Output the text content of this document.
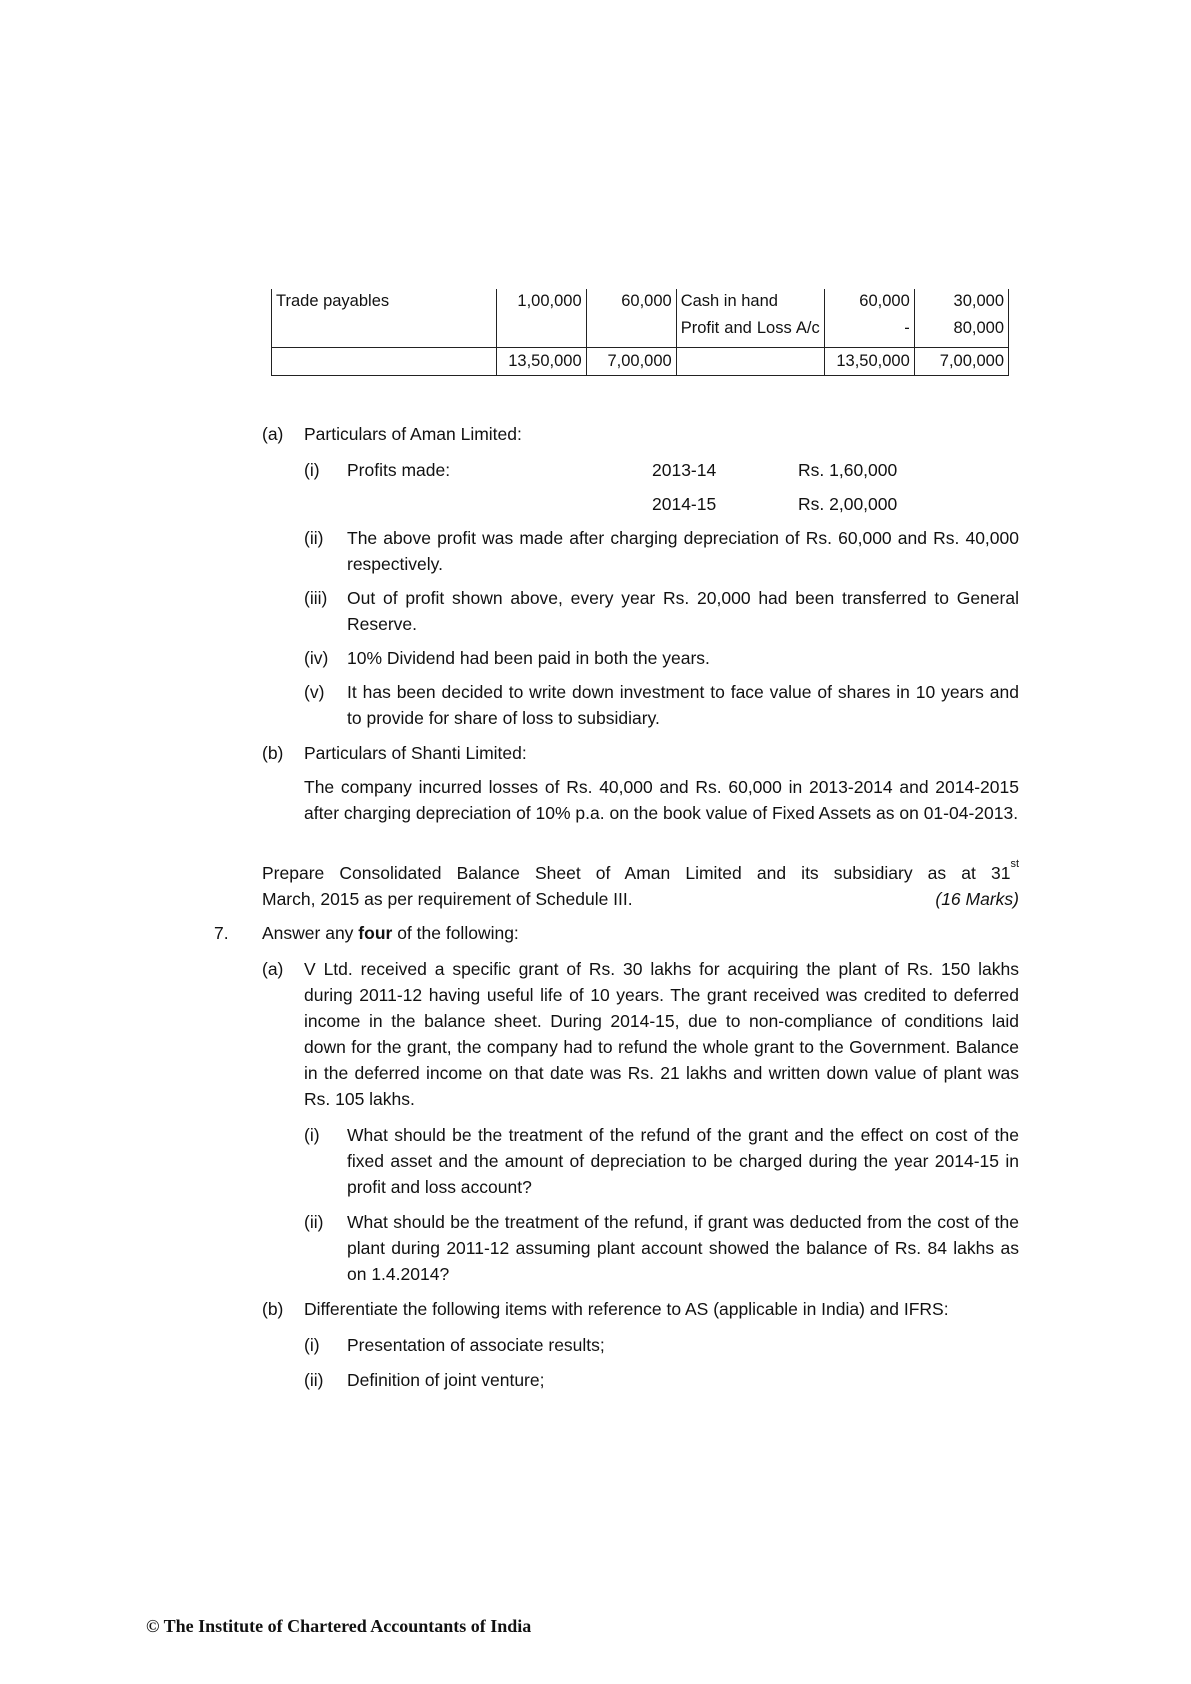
Trade payables	1,00,000	60,000	Cash in hand	60,000	30,000
			Profit and Loss A/c	-	80,000
	13,50,000	7,00,000		13,50,000	7,00,000
(a)	Particulars of Aman Limited:
(i)	Profits made:	2013-14	Rs. 1,60,000
2014-15	Rs. 2,00,000
(ii)	The above profit was made after charging depreciation of Rs. 60,000 and Rs. 40,000 respectively.
(iii)	Out of profit shown above, every year Rs. 20,000 had been transferred to General Reserve.
(iv)	10% Dividend had been paid in both the years.
(v)	It has been decided to write down investment to face value of shares in 10 years and to provide for share of loss to subsidiary.
(b)	Particulars of Shanti Limited:
The company incurred losses of Rs. 40,000 and Rs. 60,000 in 2013-2014 and 2014-2015 after charging depreciation of 10% p.a. on the book value of Fixed Assets as on 01-04-2013.
Prepare Consolidated Balance Sheet of Aman Limited and its subsidiary as at 31st
March, 2015 as per requirement of Schedule III.	(16 Marks)
7.	Answer any four of the following:
(a)	V Ltd. received a specific grant of Rs. 30 lakhs for acquiring the plant of Rs. 150 lakhs during 2011-12 having useful life of 10 years. The grant received was credited to deferred income in the balance sheet. During 2014-15, due to non-compliance of conditions laid down for the grant, the company had to refund the whole grant to the Government. Balance in the deferred income on that date was Rs. 21 lakhs and written down value of plant was Rs. 105 lakhs.
(i)	What should be the treatment of the refund of the grant and the effect on cost of the fixed asset and the amount of depreciation to be charged during the year 2014-15 in profit and loss account?
(ii)	What should be the treatment of the refund, if grant was deducted from the cost of the plant during 2011-12 assuming plant account showed the balance of Rs. 84 lakhs as on 1.4.2014?
(b)	Differentiate the following items with reference to AS (applicable in India) and IFRS:
(i)	Presentation of associate results;
(ii)	Definition of joint venture;
© The Institute of Chartered Accountants of India
